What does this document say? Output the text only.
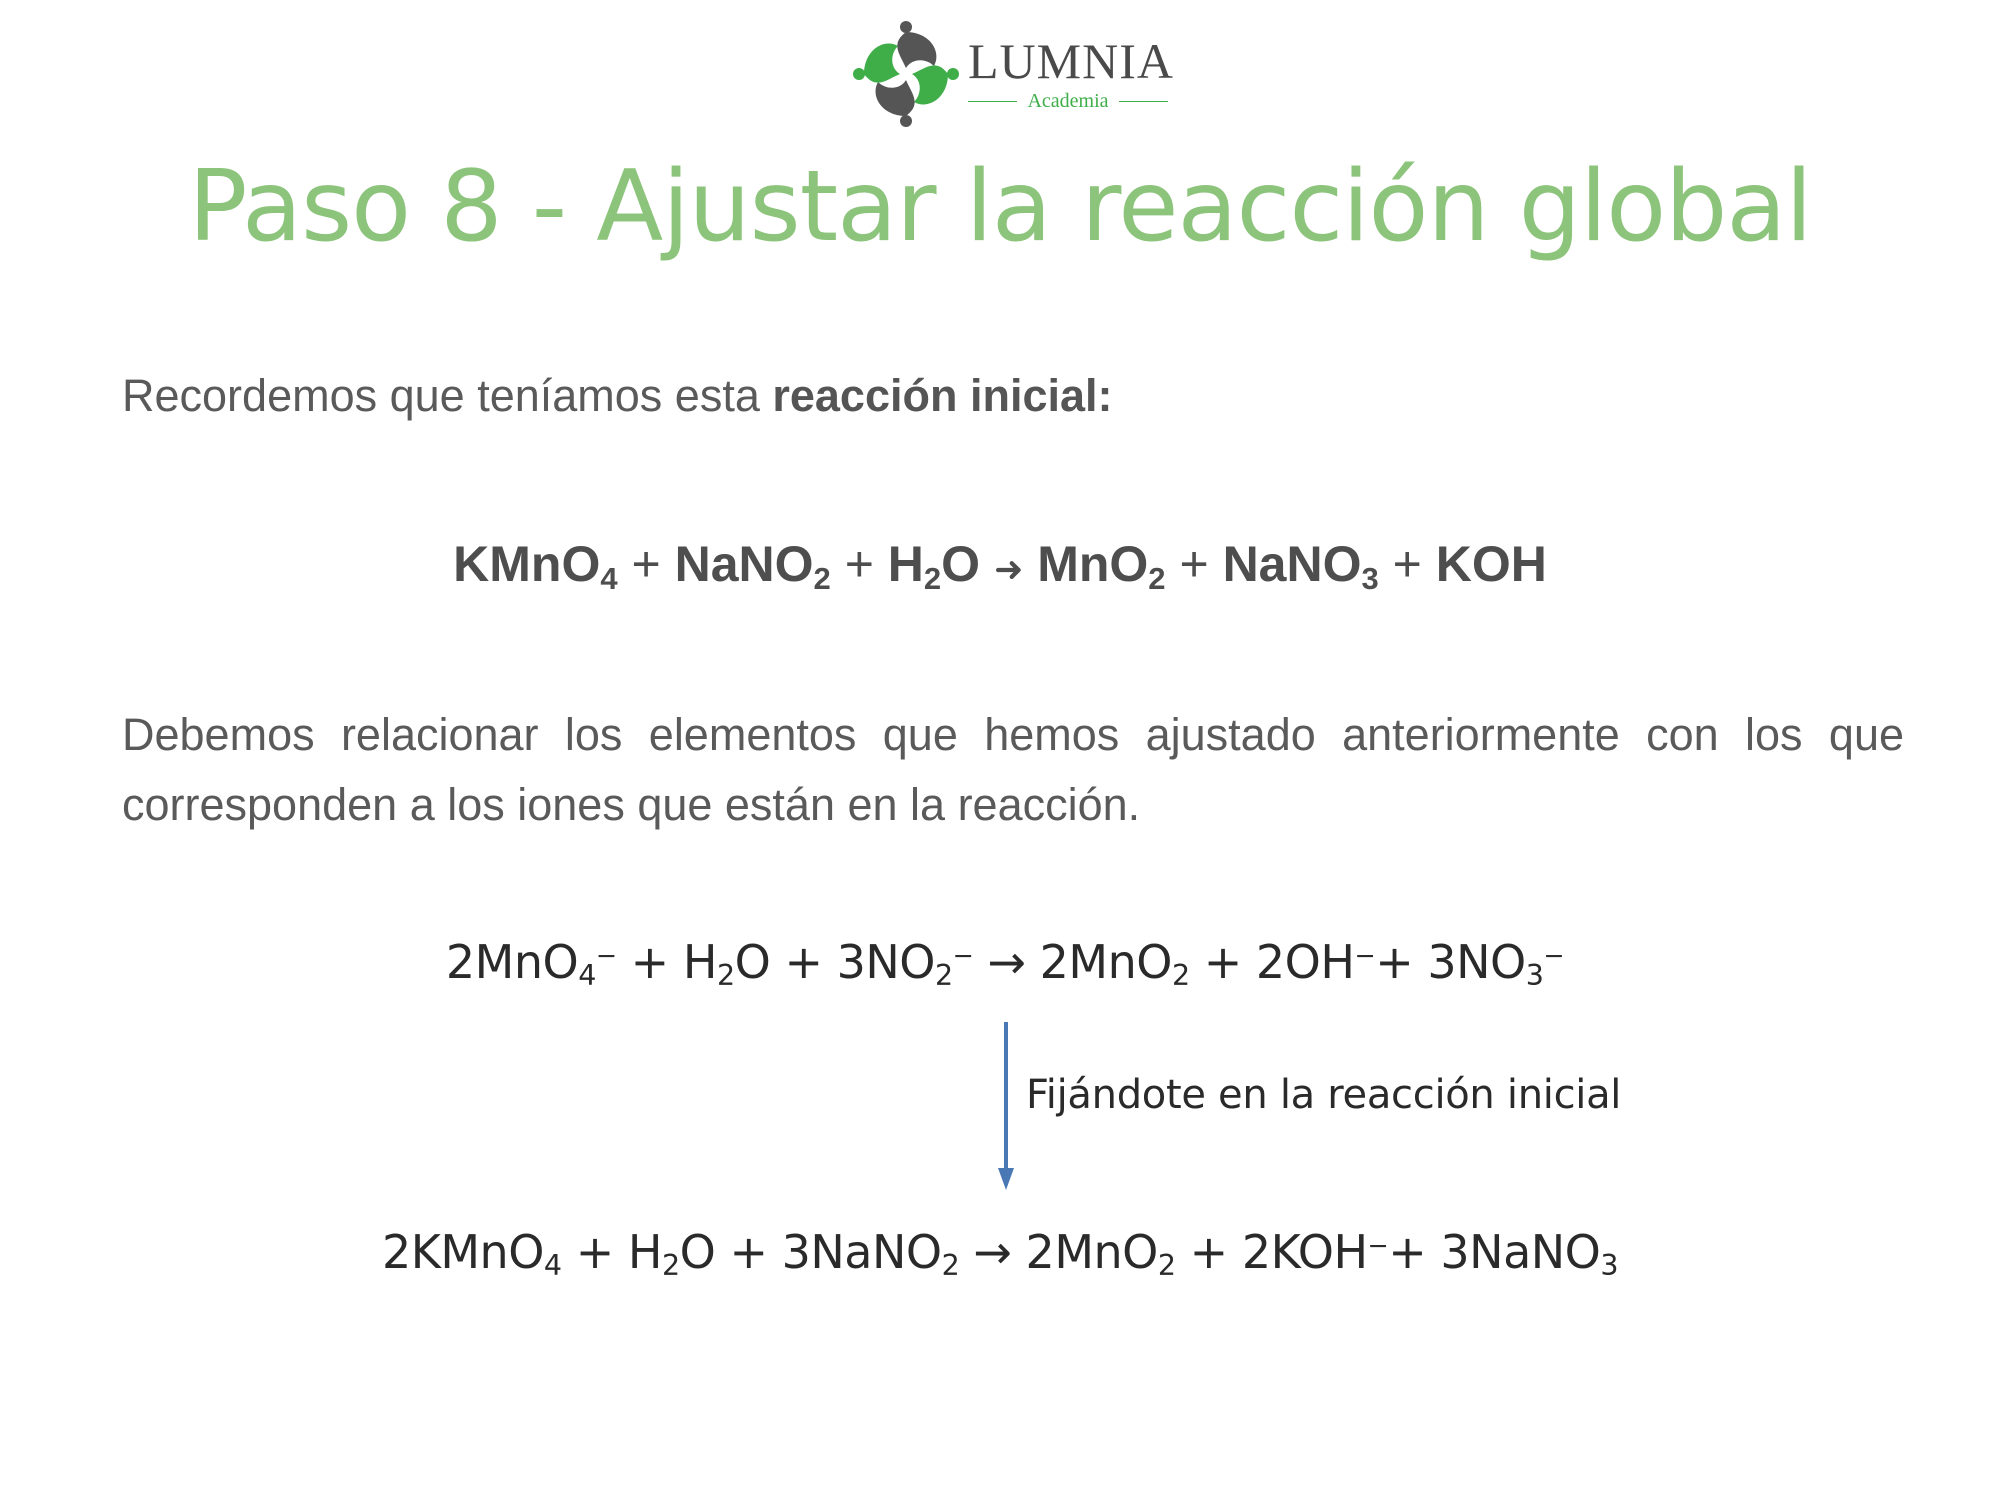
LUMNIA
Academia
Paso 8 - Ajustar la reacción global
Recordemos que teníamos esta reacción inicial:
KMnO$_4$ + NaNO$_2$ + $H_2O$ ➜ MnO$_2$ + NaNO$_3$ + KOH
Debemos relacionar los elementos que hemos ajustado anteriormente con los que corresponden a los iones que están en la reacción.
$2MnO_4^- + H_2O + 3NO_2^- \to 2MnO_2 + 2OH^-+ 3NO_3^-$
Fijándote en la reacción inicial
2KMnO$_4$ + $H_2O$ + 3NaNO$_2$ → 2MnO$_2$ + 2KOH−+ 3NaNO$_3$
